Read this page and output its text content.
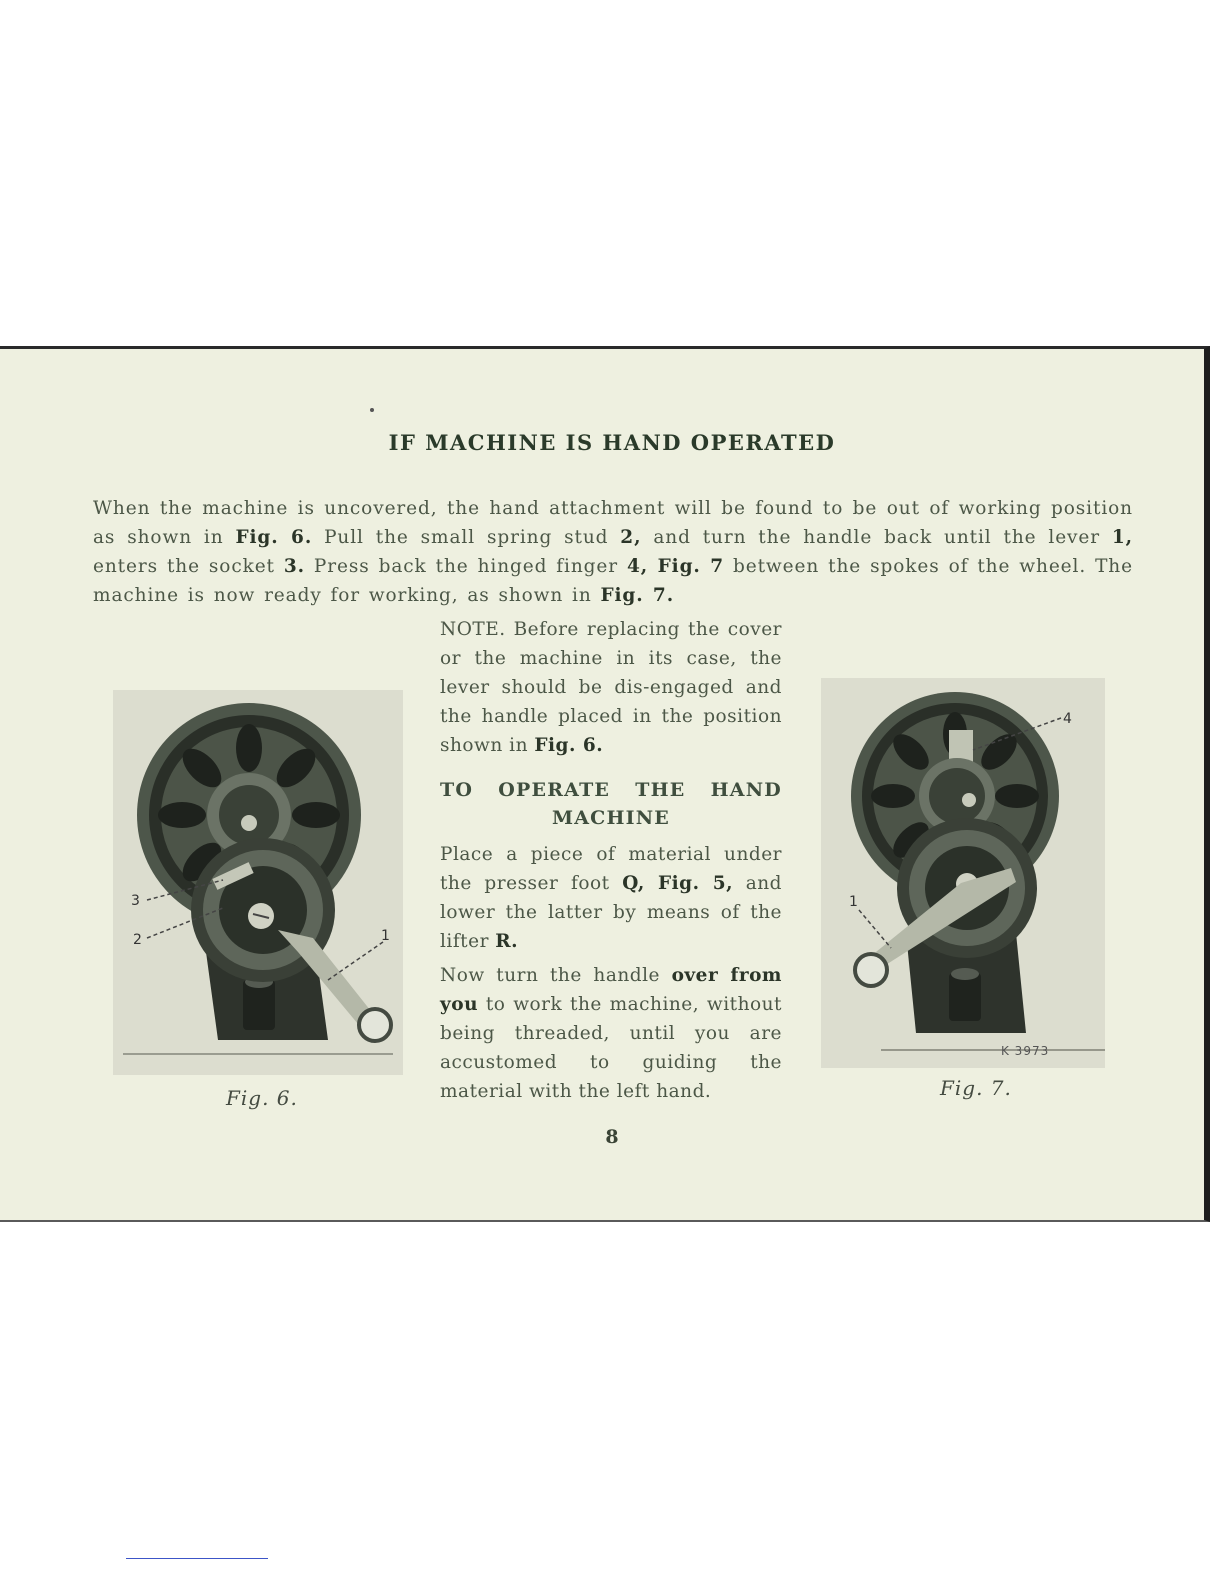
IF MACHINE IS HAND OPERATED
When the machine is uncovered, the hand attachment will be found to be out of working position as shown in Fig. 6. Pull the small spring stud 2, and turn the handle back until the lever 1, enters the socket 3. Press back the hinged finger 4, Fig. 7 between the spokes of the wheel. The machine is now ready for working, as shown in Fig. 7.

NOTE. Before replacing the cover or the machine in its case, the lever should be dis-engaged and the handle placed in the position shown in Fig. 6.

TO OPERATE THE HAND
MACHINE

Place a piece of material under the presser foot Q, Fig. 5, and lower the latter by means of the lifter R.

Now turn the handle over from you to work the machine, without being threaded, until you are accustomed to guiding the material with the left hand.

3
2	1
Fig. 6.
4
1
K 3973
Fig. 7.
8
